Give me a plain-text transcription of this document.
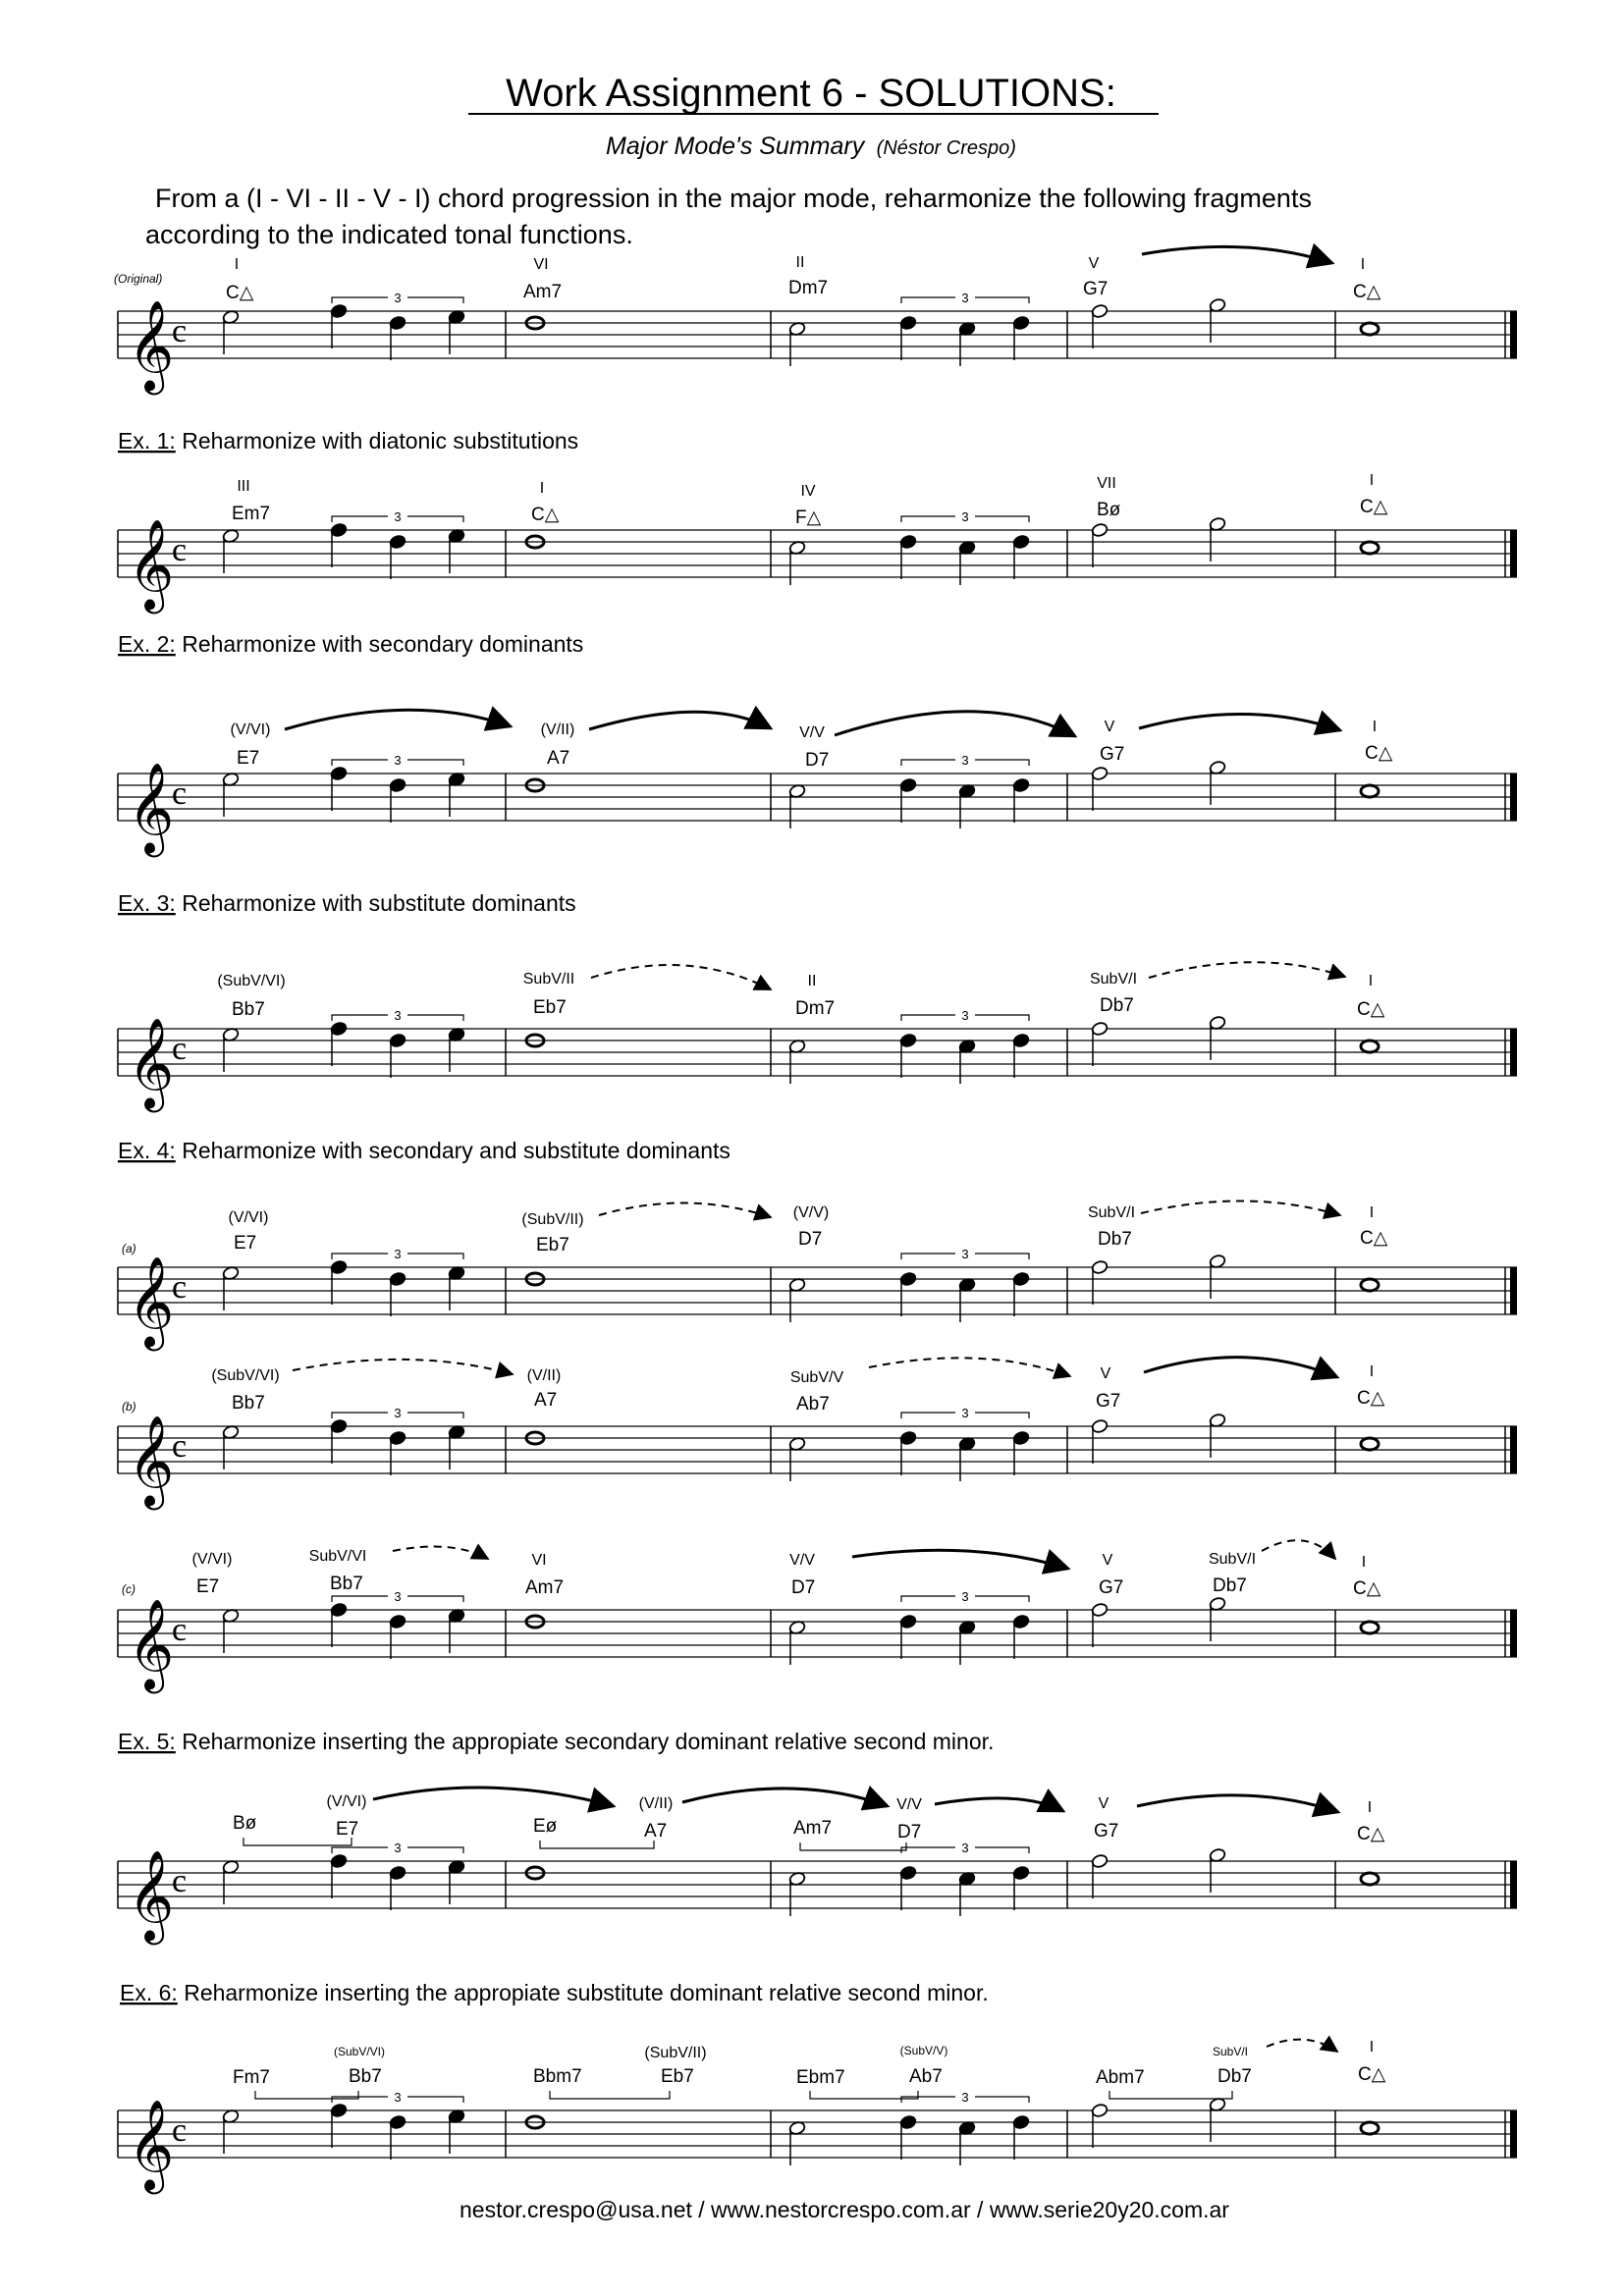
Work Assignment 6 - SOLUTIONS:
Major Mode's Summary (Néstor Crespo)
From a (I - VI - II - V - I) chord progression in the major mode, reharmonize the following fragments
according to the indicated tonal functions.
Ex. 1: Reharmonize with diatonic substitutions
Ex. 2: Reharmonize with secondary dominants
Ex. 3: Reharmonize with substitute dominants
Ex. 4: Reharmonize with secondary and substitute dominants
Ex. 5: Reharmonize inserting the appropiate secondary dominant relative second minor.
Ex. 6: Reharmonize inserting the appropiate substitute dominant relative second minor.
(Original)
(a)
(b)
(c)
I
C△
VI
Am7
II
Dm7
V
G7
I
C△
III
Em7
I
C△
IV
F△
VII
Bø
I
C△
(V/VI)
E7
(V/II)
A7
V/V
D7
V
G7
I
C△
(SubV/VI)
Bb7
SubV/II
Eb7
II
Dm7
SubV/I
Db7
I
C△
(V/VI)
E7
(SubV/II)
Eb7
(V/V)
D7
SubV/I
Db7
I
C△
(SubV/VI)
Bb7
(V/II)
A7
SubV/V
Ab7
V
G7
I
C△
(V/VI)
E7
SubV/VI
Bb7
VI
Am7
V/V
D7
V
G7
SubV/I
Db7
I
C△
Bø
(V/VI)
E7	Eø
(V/II)
A7	Am7
V/V
D7
V
G7
I
C△
Fm7
(SubV/VI)
Bb7	Bbm7
(SubV/II)
Eb7	Ebm7
(SubV/V)
Ab7	Abm7	Db7
SubV/I	I
C△
𝄞
c
3	3
𝄞
c
3	3
𝄞
c
3	3
𝄞
c
3	3
𝄞
c
3	3
𝄞
c
3	3
𝄞
c
3	3
𝄞
c
3	3
𝄞
c
3	3
nestor.crespo@usa.net / www.nestorcrespo.com.ar / www.serie20y20.com.ar
